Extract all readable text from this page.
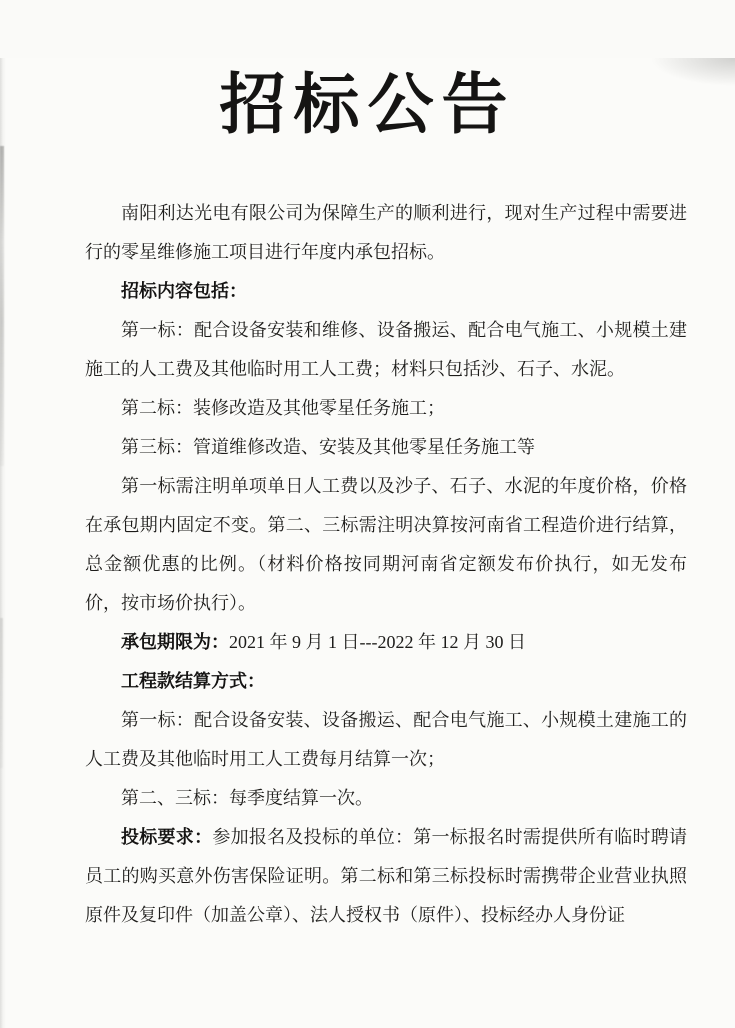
招标公告

南阳利达光电有限公司为保障生产的顺利进行，现对生产过程中需要进行的零星维修施工项目进行年度内承包招标。

招标内容包括：

第一标：配合设备安装和维修、设备搬运、配合电气施工、小规模土建施工的人工费及其他临时用工人工费；材料只包括沙、石子、水泥。

第二标：装修改造及其他零星任务施工；

第三标：管道维修改造、安装及其他零星任务施工等

第一标需注明单项单日人工费以及沙子、石子、水泥的年度价格，价格在承包期内固定不变。第二、三标需注明决算按河南省工程造价进行结算，总金额优惠的比例。（材料价格按同期河南省定额发布价执行，如无发布价，按市场价执行）。

承包期限为：2021 年 9 月 1 日---2022 年 12 月 30 日

工程款结算方式：

第一标：配合设备安装、设备搬运、配合电气施工、小规模土建施工的人工费及其他临时用工人工费每月结算一次；

第二、三标：每季度结算一次。

投标要求：参加报名及投标的单位：第一标报名时需提供所有临时聘请员工的购买意外伤害保险证明。第二标和第三标投标时需携带企业营业执照原件及复印件（加盖公章）、法人授权书（原件）、投标经办人身份证
